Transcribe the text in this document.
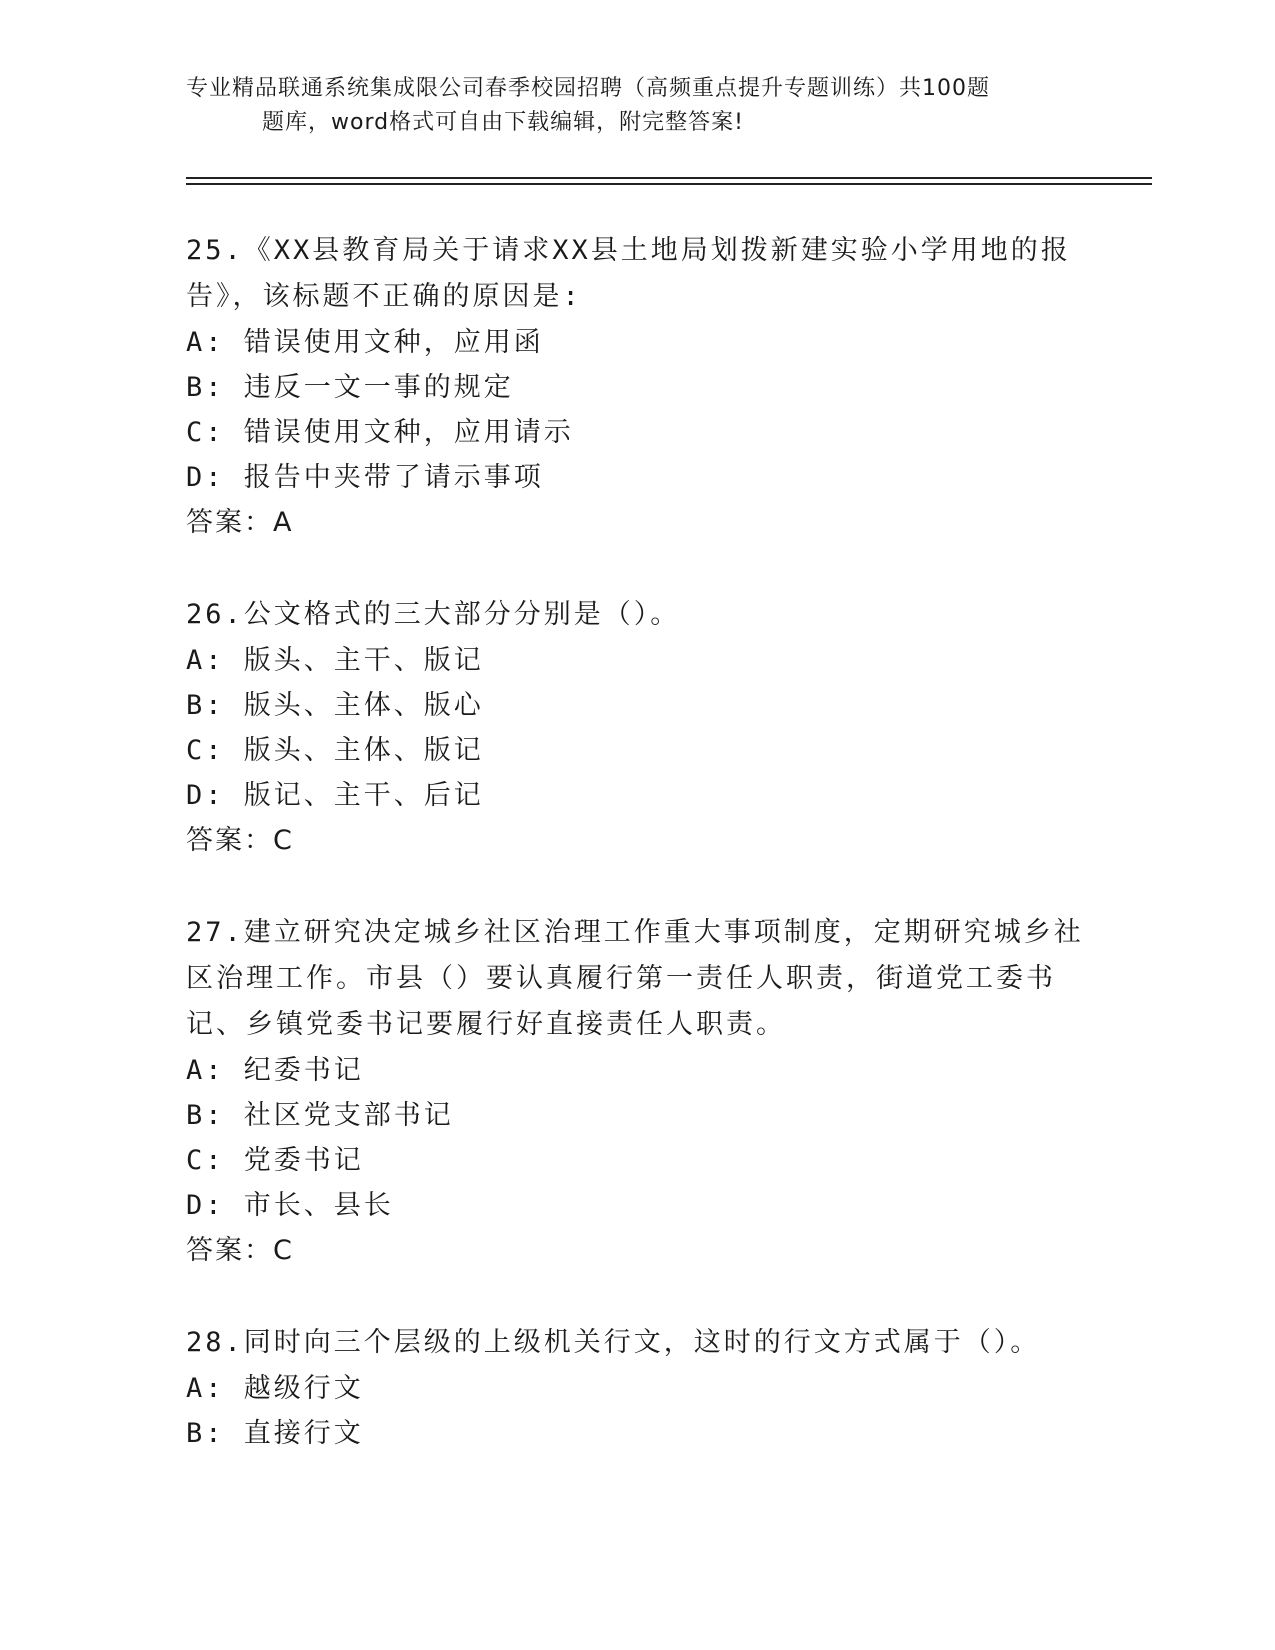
专业精品联通系统集成限公司春季校园招聘（高频重点提升专题训练）共100题
题库，word格式可自由下载编辑，附完整答案!

25.《XX县教育局关于请求XX县土地局划拨新建实验小学用地的报告》，该标题不正确的原因是:

A: 错误使用文种，应用函

B: 违反一文一事的规定

C: 错误使用文种，应用请示

D: 报告中夹带了请示事项

答案：A

26.公文格式的三大部分分别是（）。

A: 版头、主干、版记

B: 版头、主体、版心

C: 版头、主体、版记

D: 版记、主干、后记

答案：C

27.建立研究决定城乡社区治理工作重大事项制度，定期研究城乡社区治理工作。市县（）要认真履行第一责任人职责，街道党工委书记、乡镇党委书记要履行好直接责任人职责。

A: 纪委书记

B: 社区党支部书记

C: 党委书记

D: 市长、县长

答案：C

28.同时向三个层级的上级机关行文，这时的行文方式属于（）。

A: 越级行文

B: 直接行文
